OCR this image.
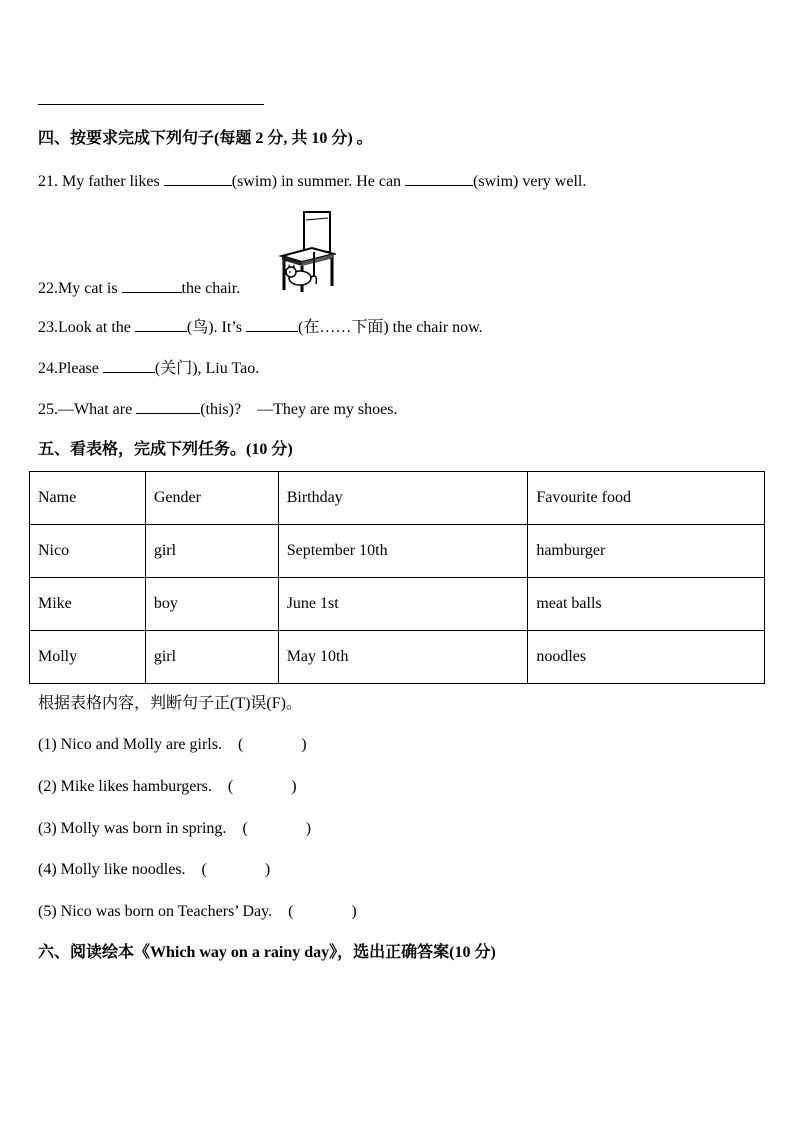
四、按要求完成下列句子(每题 2 分, 共 10 分) 。
21. My father likes	(swim) in summer. He can	(swim) very well.
22.My cat is	the chair.
23.Look at the	(鸟). It’s	(在……下面) the chair now.
24.Please	(关门), Liu Tao.
25.—What are	(this)? —They are my shoes.
五、看表格，完成下列任务。(10 分)
Name	Gender	Birthday	Favourite food
Nico	girl	September 10th	hamburger
Mike	boy	June 1st	meat balls
Molly	girl	May 10th	noodles
根据表格内容，判断句子正(T)误(F)。
(1) Nico and Molly are girls. (	)
(2) Mike likes hamburgers. (	)
(3) Molly was born in spring. (	)
(4) Molly like noodles. (	)
(5) Nico was born on Teachers’ Day. (	)
六、阅读绘本《Which way on a rainy day》，选出正确答案(10 分)
